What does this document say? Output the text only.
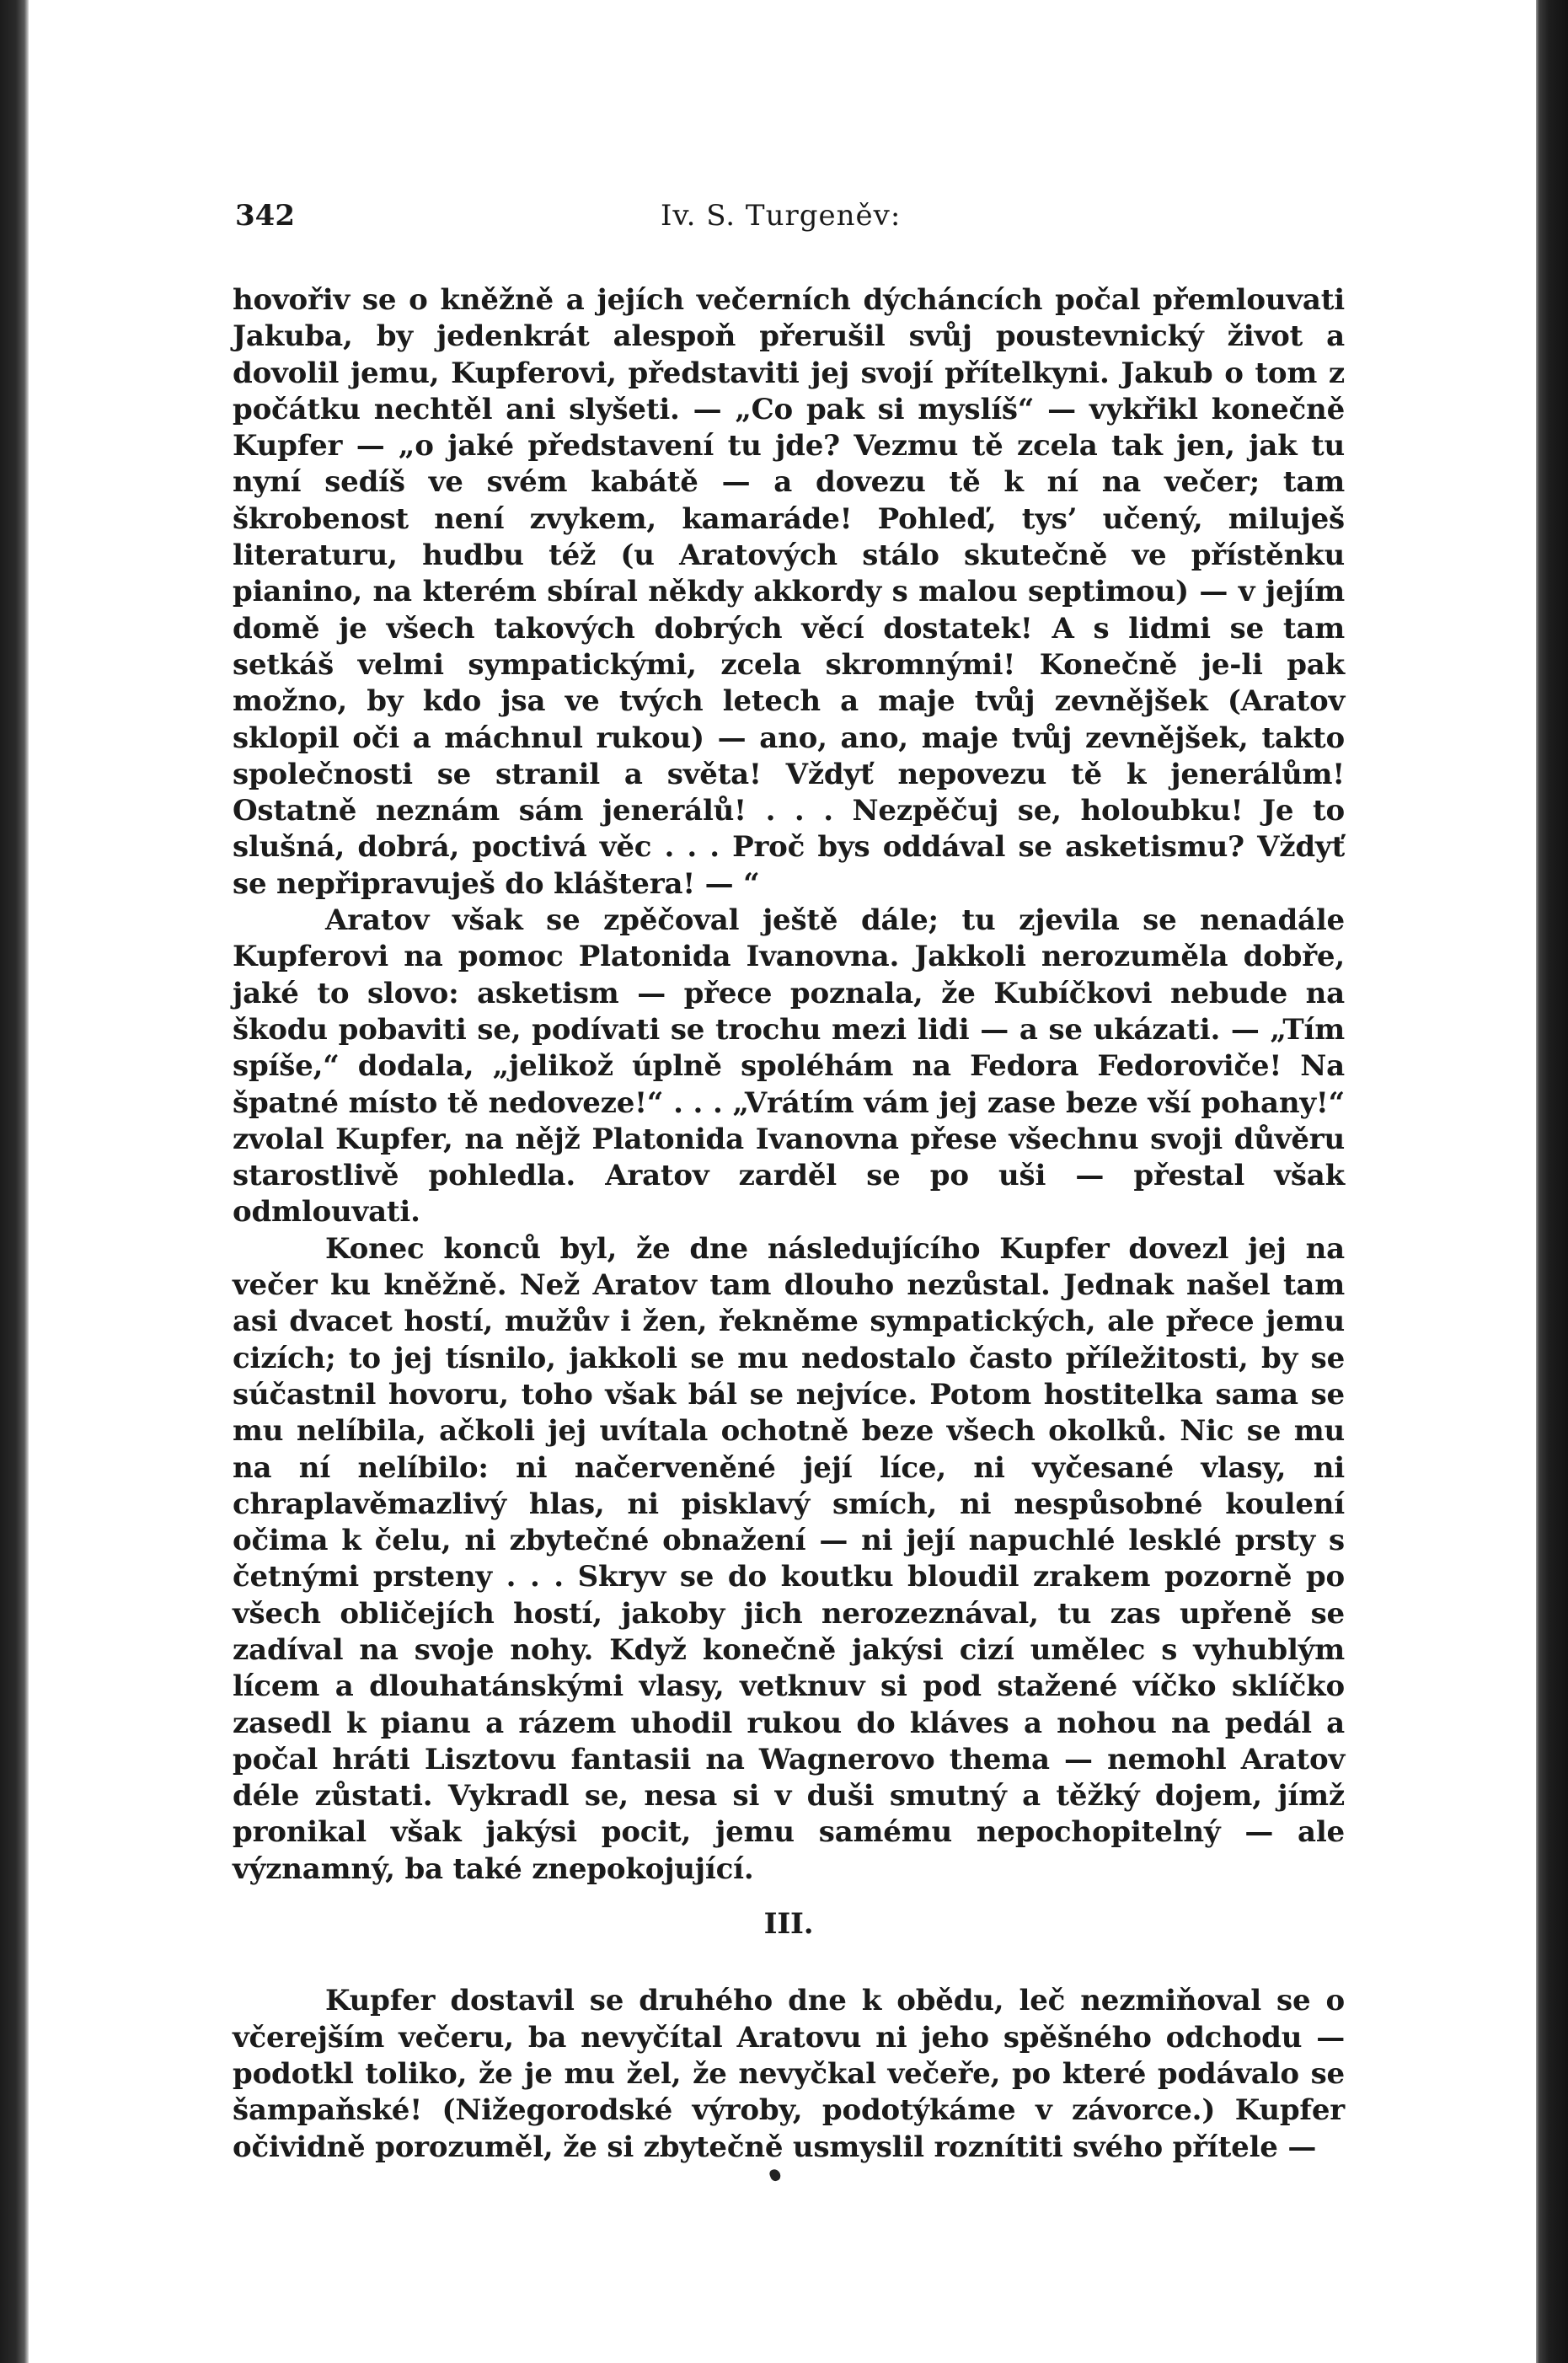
342	Iv. S. Turgeněv:

hovořiv se o kněžně a jejích večerních dýcháncích počal přemlouvati Jakuba, by jedenkrát alespoň přerušil svůj poustevnický život a dovolil jemu, Kupferovi, představiti jej svojí přítelkyni. Jakub o tom z počátku nechtěl ani slyšeti. — „Co pak si myslíš“ — vykřikl konečně Kupfer — „o jaké představení tu jde? Vezmu tě zcela tak jen, jak tu nyní sedíš ve svém kabátě — a dovezu tě k ní na večer; tam škrobenost není zvykem, kamaráde! Pohleď, tys’ učený, miluješ literaturu, hudbu též (u Aratových stálo skutečně ve přístěnku pianino, na kterém sbíral někdy akkordy s malou septimou) — v jejím domě je všech takových dobrých věcí dostatek! A s lidmi se tam setkáš velmi sympatickými, zcela skromnými! Konečně je-li pak možno, by kdo jsa ve tvých letech a maje tvůj zevnějšek (Aratov sklopil oči a máchnul rukou) — ano, ano, maje tvůj zevnějšek, takto společnosti se stranil a světa! Vždyť nepovezu tě k jenerálům! Ostatně neznám sám jenerálů! . . . Nezpěčuj se, holoubku! Je to slušná, dobrá, poctivá věc . . . Proč bys oddával se asketismu? Vždyť se nepřipravuješ do kláštera! — “

Aratov však se zpěčoval ještě dále; tu zjevila se nenadále Kupferovi na pomoc Platonida Ivanovna. Jakkoli nerozuměla dobře, jaké to slovo: asketism — přece poznala, že Kubíčkovi nebude na škodu pobaviti se, podívati se trochu mezi lidi — a se ukázati. — „Tím spíše,“ dodala, „jelikož úplně spoléhám na Fedora Fedoroviče! Na špatné místo tě nedoveze!“ . . . „Vrátím vám jej zase beze vší pohany!“ zvolal Kupfer, na nějž Platonida Ivanovna přese všechnu svoji důvěru starostlivě pohledla. Aratov zarděl se po uši — přestal však odmlouvati.

Konec konců byl, že dne následujícího Kupfer dovezl jej na večer ku kněžně. Než Aratov tam dlouho nezůstal. Jednak našel tam asi dvacet hostí, mužův i žen, řekněme sympatických, ale přece jemu cizích; to jej tísnilo, jakkoli se mu nedostalo často příležitosti, by se súčastnil hovoru, toho však bál se nejvíce. Potom hostitelka sama se mu nelíbila, ačkoli jej uvítala ochotně beze všech okolků. Nic se mu na ní nelíbilo: ni načerveněné její líce, ni vyčesané vlasy, ni chraplavěmazlivý hlas, ni pisklavý smích, ni nespůsobné koulení očima k čelu, ni zbytečné obnažení — ni její napuchlé lesklé prsty s četnými prsteny . . . Skryv se do koutku bloudil zrakem pozorně po všech obličejích hostí, jakoby jich nerozeznával, tu zas upřeně se zadíval na svoje nohy. Když konečně jakýsi cizí umělec s vyhublým lícem a dlouhatánskými vlasy, vetknuv si pod stažené víčko sklíčko zasedl k pianu a rázem uhodil rukou do kláves a nohou na pedál a počal hráti Lisztovu fantasii na Wagnerovo thema — nemohl Aratov déle zůstati. Vykradl se, nesa si v duši smutný a těžký dojem, jímž pronikal však jakýsi pocit, jemu samému nepochopitelný — ale významný, ba také znepokojující.

III.

Kupfer dostavil se druhého dne k obědu, leč nezmiňoval se o včerejším večeru, ba nevyčítal Aratovu ni jeho spěšného odchodu — podotkl toliko, že je mu žel, že nevyčkal večeře, po které podávalo se šampaňské! (Nižegorodské výroby, podotýkáme v závorce.) Kupfer očividně porozuměl, že si zbytečně usmyslil roznítiti svého přítele —
